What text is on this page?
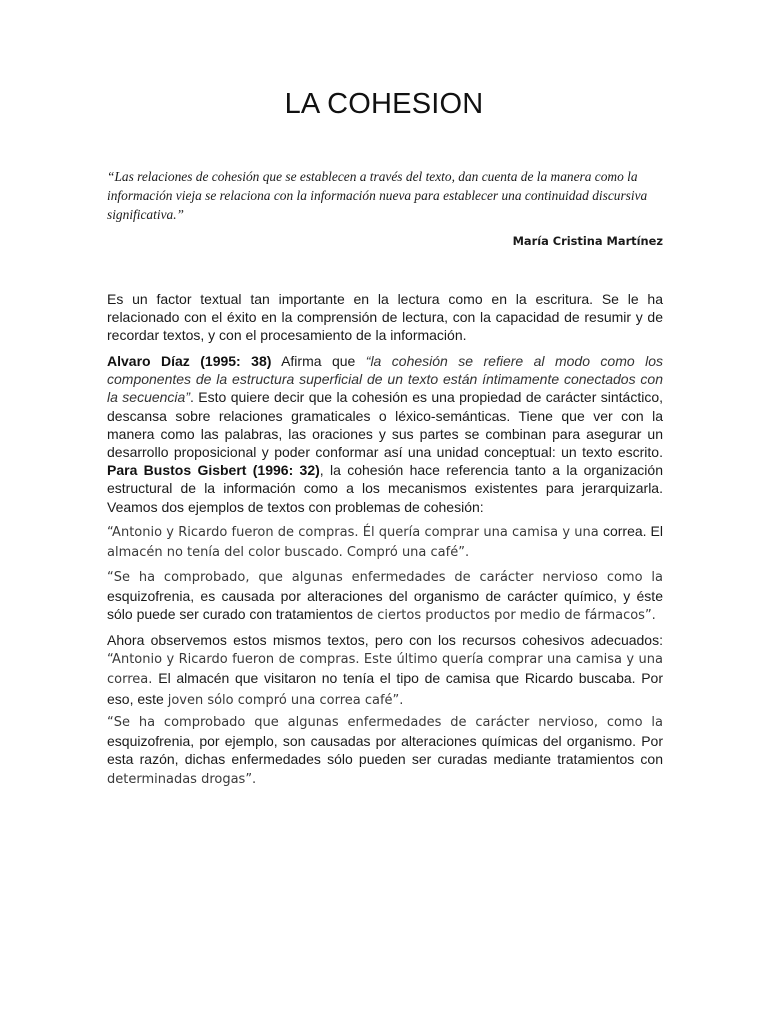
LA COHESION
“Las relaciones de cohesión que se establecen a través del texto, dan cuenta de la manera como la información vieja se relaciona con la información nueva para establecer una continuidad discursiva significativa.”
María Cristina Martínez
Es un factor textual tan importante en la lectura como en la escritura. Se le ha relacionado con el éxito en la comprensión de lectura, con la capacidad de resumir y de recordar textos, y con el procesamiento de la información.
Alvaro Díaz (1995: 38) Afirma que “la cohesión se refiere al modo como los componentes de la estructura superficial de un texto están íntimamente conectados con la secuencia”. Esto quiere decir que la cohesión es una propiedad de carácter sintáctico, descansa sobre relaciones gramaticales o léxico-semánticas. Tiene que ver con la manera como las palabras, las oraciones y sus partes se combinan para asegurar un desarrollo proposicional y poder conformar así una unidad conceptual: un texto escrito. Para Bustos Gisbert (1996: 32), la cohesión hace referencia tanto a la organización estructural de la información como a los mecanismos existentes para jerarquizarla. Veamos dos ejemplos de textos con problemas de cohesión:
“Antonio y Ricardo fueron de compras. Él quería comprar una camisa y una correa. El almacén no tenía del color buscado. Compró una café”.
“Se ha comprobado, que algunas enfermedades de carácter nervioso como la esquizofrenia, es causada por alteraciones del organismo de carácter químico, y éste sólo puede ser curado con tratamientos de ciertos productos por medio de fármacos”.
Ahora observemos estos mismos textos, pero con los recursos cohesivos adecuados: “Antonio y Ricardo fueron de compras. Este último quería comprar una camisa y una correa. El almacén que visitaron no tenía el tipo de camisa que Ricardo buscaba. Por eso, este joven sólo compró una correa café”.
“Se ha comprobado que algunas enfermedades de carácter nervioso, como la esquizofrenia, por ejemplo, son causadas por alteraciones químicas del organismo. Por esta razón, dichas enfermedades sólo pueden ser curadas mediante tratamientos con determinadas drogas”.
